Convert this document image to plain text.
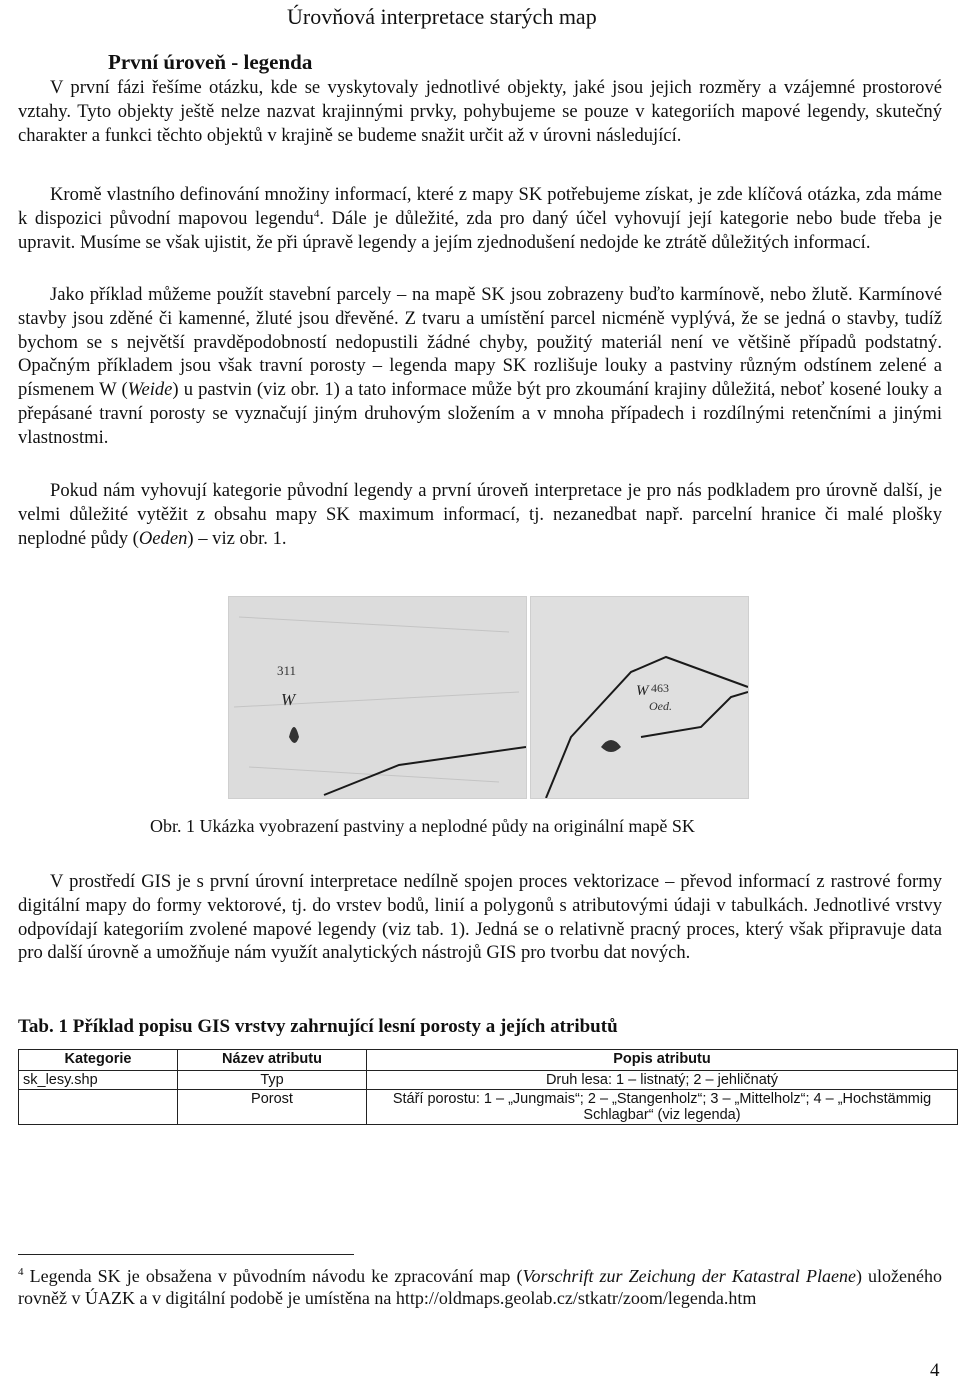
Úrovňová interpretace starých map
První úroveň - legenda

V první fázi řešíme otázku, kde se vyskytovaly jednotlivé objekty, jaké jsou jejich rozměry a vzájemné prostorové vztahy. Tyto objekty ještě nelze nazvat krajinnými prvky, pohybujeme se pouze v kategoriích mapové legendy, skutečný charakter a funkci těchto objektů v krajině se budeme snažit určit až v úrovni následující.

Kromě vlastního definování množiny informací, které z mapy SK potřebujeme získat, je zde klíčová otázka, zda máme k dispozici původní mapovou legendu$^4$. Dále je důležité, zda pro daný účel vyhovují její kategorie nebo bude třeba je upravit. Musíme se však ujistit, že při úpravě legendy a jejím zjednodušení nedojde ke ztrátě důležitých informací.

Jako příklad můžeme použít stavební parcely – na mapě SK jsou zobrazeny buďto karmínově, nebo žlutě. Karmínové stavby jsou zděné či kamenné, žluté jsou dřevěné. Z tvaru a umístění parcel nicméně vyplývá, že se jedná o stavby, tudíž bychom se s největší pravděpodobností nedopustili žádné chyby, použitý materiál není ve většině případů podstatný. Opačným příkladem jsou však travní porosty – legenda mapy SK rozlišuje louky a pastviny různým odstínem zelené a písmenem W (Weide) u pastvin (viz obr. 1) a tato informace může být pro zkoumání krajiny důležitá, neboť kosené louky a přepásané travní porosty se vyznačují jiným druhovým složením a v mnoha případech i rozdílnými retenčními a jinými vlastnostmi.

Pokud nám vyhovují kategorie původní legendy a první úroveň interpretace je pro nás podkladem pro úrovně další, je velmi důležité vytěžit z obsahu mapy SK maximum informací, tj. nezanedbat např. parcelní hranice či malé plošky neplodné půdy (Oeden) – viz obr. 1.

311
W	W 463
Oed.
Obr. 1 Ukázka vyobrazení pastviny a neplodné půdy na originální mapě SK

V prostředí GIS je s první úrovní interpretace nedílně spojen proces vektorizace – převod informací z rastrové formy digitální mapy do formy vektorové, tj. do vrstev bodů, linií a polygonů s atributovými údaji v tabulkách. Jednotlivé vrstvy odpovídají kategoriím zvolené mapové legendy (viz tab. 1). Jedná se o relativně pracný proces, který však připravuje data pro další úrovně a umožňuje nám využít analytických nástrojů GIS pro tvorbu dat nových.

Tab. 1 Příklad popisu GIS vrstvy zahrnující lesní porosty a jejích atributů
Kategorie	Název atributu	Popis atributu
sk_lesy.shp	Typ	Druh lesa: 1 – listnatý; 2 – jehličnatý
	Porost	Stáří porostu: 1 – „Jungmais“; 2 – „Stangenholz“; 3 – „Mittelholz“; 4 – „Hochstämmig Schlagbar“ (viz legenda)

$^4$ Legenda SK je obsažena v původním návodu ke zpracování map (Vorschrift zur Zeichung der Katastral Plaene) uloženého rovněž v ÚAZK a v digitální podobě je umístěna na http://oldmaps.geolab.cz/stkatr/zoom/legenda.htm

4
